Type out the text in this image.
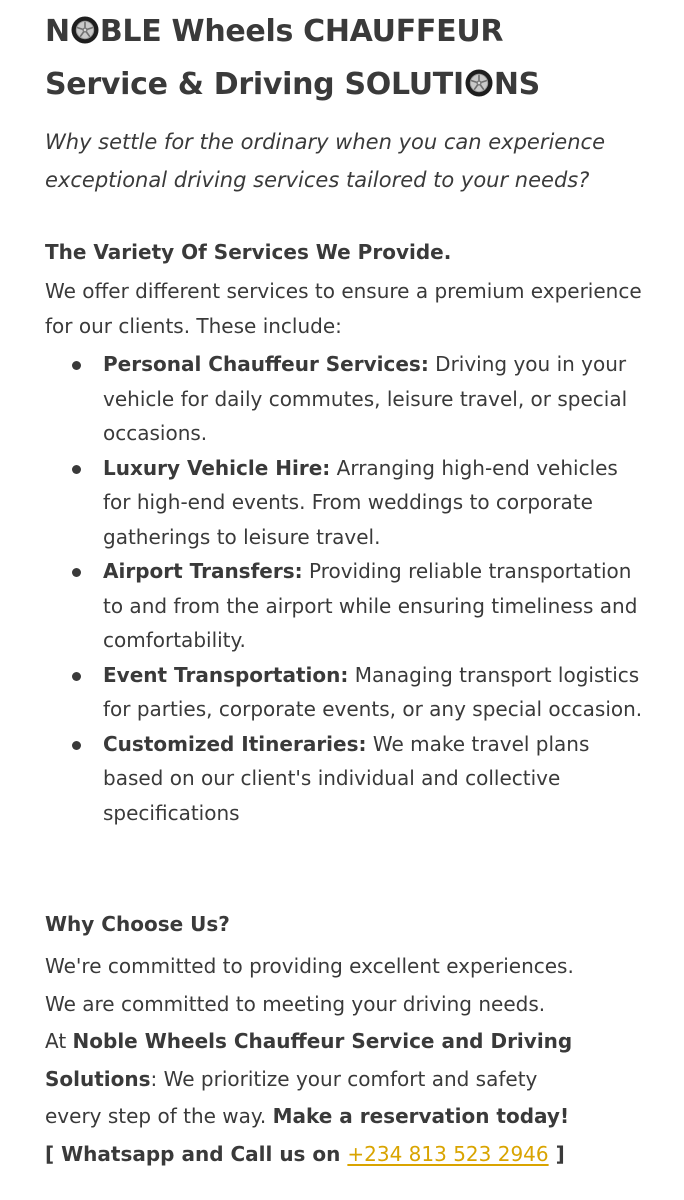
N BLE Wheels CHAUFFEUR
Service & Driving SOLUTI NS

Why settle for the ordinary when you can experience exceptional driving services tailored to your needs?

The Variety Of Services We Provide.

We offer different services to ensure a premium experience for our clients. These include:

Personal Chauffeur Services: Driving you in your vehicle for daily commutes, leisure travel, or special occasions.
Luxury Vehicle Hire: Arranging high-end vehicles for high-end events. From weddings to corporate gatherings to leisure travel.
Airport Transfers: Providing reliable transportation to and from the airport while ensuring timeliness and comfortability.
Event Transportation: Managing transport logistics for parties, corporate events, or any special occasion.
Customized Itineraries: We make travel plans based on our client's individual and collective specifications
Why Choose Us?
We're committed to providing excellent experiences.
We are committed to meeting your driving needs.
At Noble Wheels Chauffeur Service and Driving
Solutions: We prioritize your comfort and safety
every step of the way. Make a reservation today!
[ Whatsapp and Call us on +234 813 523 2946 ]
